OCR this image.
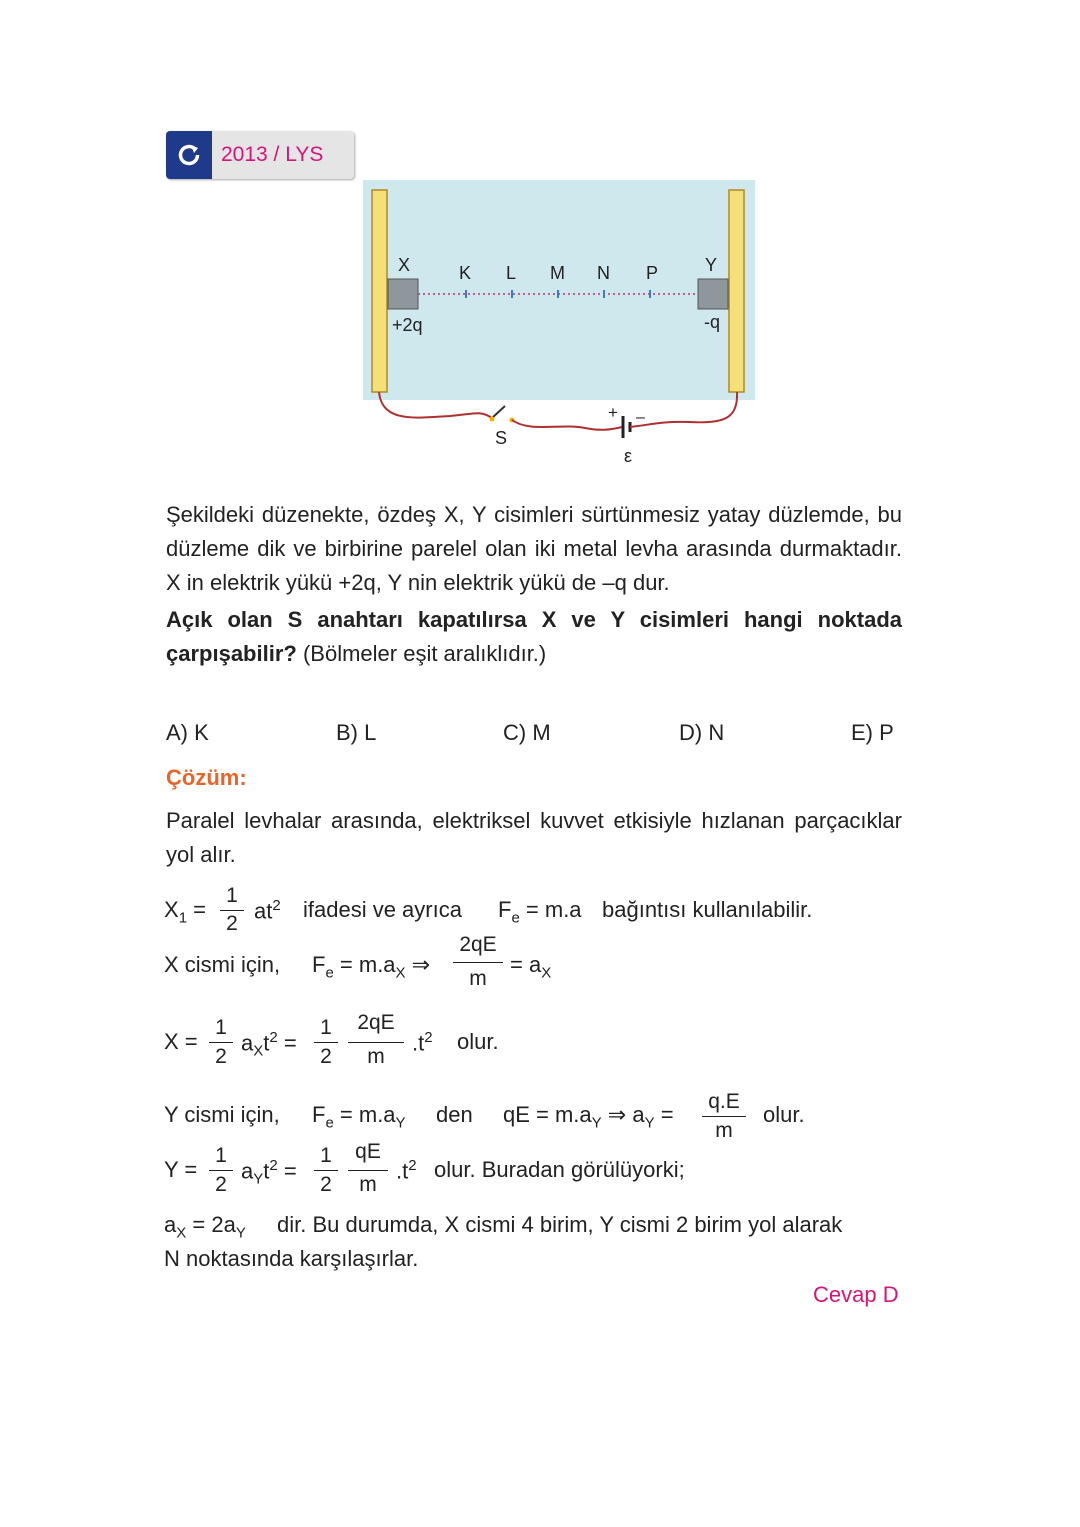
2013 / LYS
X	Y
K L M N P
+2q	-q
+ –
S
ε
Şekildeki düzenekte, özdeş X, Y cisimleri sürtünmesiz yatay düzlemde, bu düzleme dik ve birbirine parelel olan iki metal levha arasında durmaktadır. X in elektrik yükü +2q, Y nin elektrik yükü de –q dur.
Açık olan S anahtarı kapatılırsa X ve Y cisimleri hangi noktada çarpışabilir? (Bölmeler eşit aralıklıdır.)
A) K	B) L	C) M	D) N	E) P
Çözüm:
Paralel levhalar arasında, elektriksel kuvvet etkisiyle hızlanan parçacıklar yol alır.
$X_1$ =
1
2
$at^2$ ifadesi ve ayrıca $F_e = m.a$ bağıntısı kullanılabilir.
X cismi için, $F_e = m.a_X$ ⇒
2qE
m
= $a_X$
X =
1
2
$a_Xt^2$ =
1
2
2qE
m
$.t^2$ olur.
Y cismi için, $F_e = m.a_Y$ den qE = $m.a_Y$ ⇒ $a_Y$ =
q.E
m
olur.
Y =
1
2
$a_Yt^2$ =
1
2
qE
m
$.t^2$ olur. Buradan görülüyorki;
$a_X = 2a_Y$ dir. Bu durumda, X cismi 4 birim, Y cismi 2 birim yol alarak
N noktasında karşılaşırlar.
Cevap D
